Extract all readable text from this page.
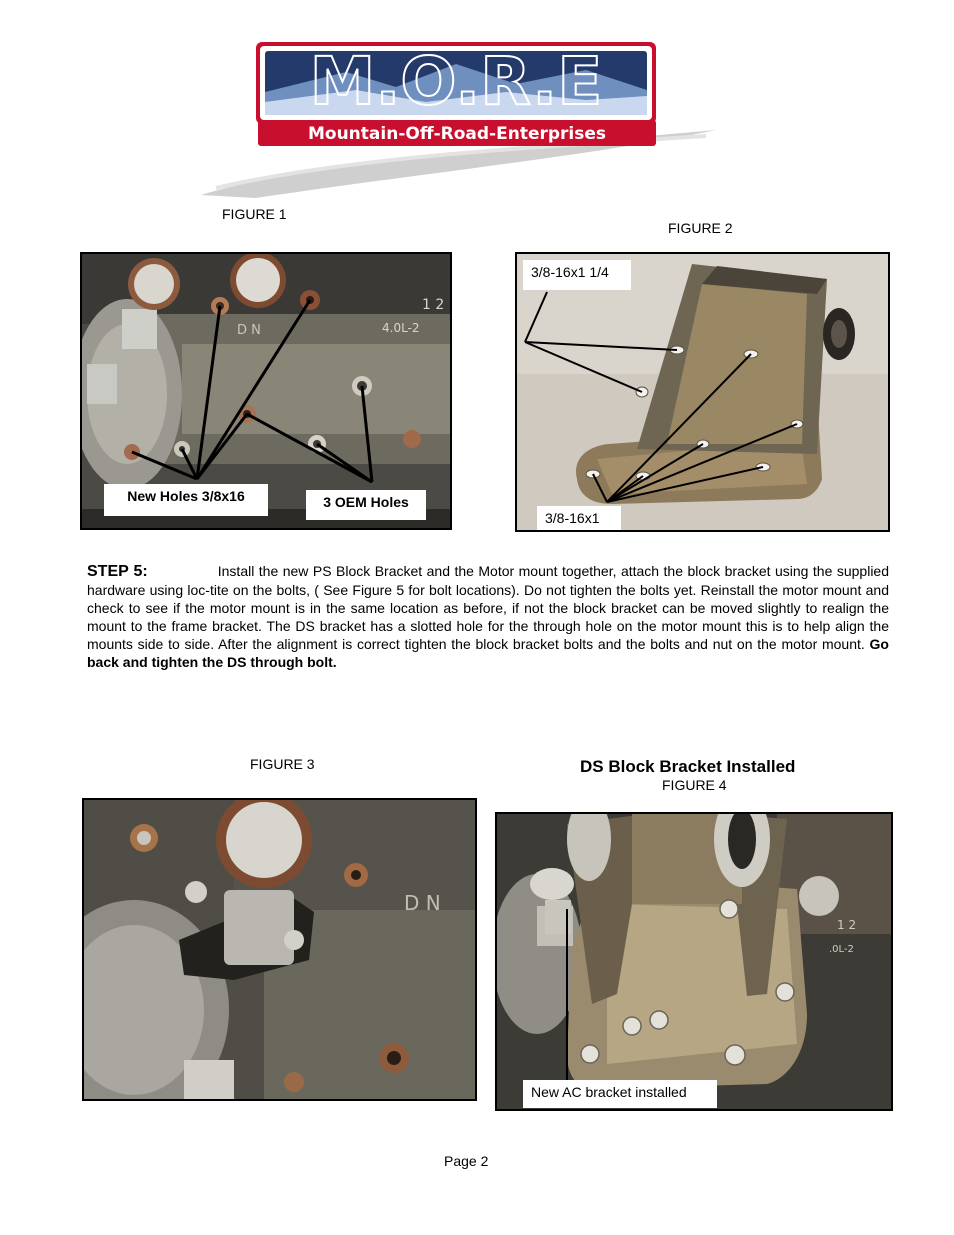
M.O.R.E
Mountain-Off-Road-Enterprises
FIGURE 1
1 2
4.0L-2
D N
New Holes 3/8x16	3 OEM Holes
FIGURE 2
3/8-16x1 1/4
3/8-16x1
STEP 5:	Install the new PS Block Bracket and the Motor mount together, attach the block bracket using the supplied hardware using loc-tite on the bolts, ( See Figure 5 for bolt locations). Do not tighten the bolts yet. Reinstall the motor mount and check to see if the motor mount is in the same location as before, if not the block bracket can be moved slightly to realign the mount to the frame bracket. The DS bracket has a slotted hole for the through hole on the motor mount this is to help align the mounts side to side. After the alignment is correct tighten the block bracket bolts and the bolts and nut on the motor mount. Go back and tighten the DS through bolt.
FIGURE 3
D N
DS Block Bracket Installed
FIGURE 4
1 2
.0L-2
New AC bracket installed
Page 2
